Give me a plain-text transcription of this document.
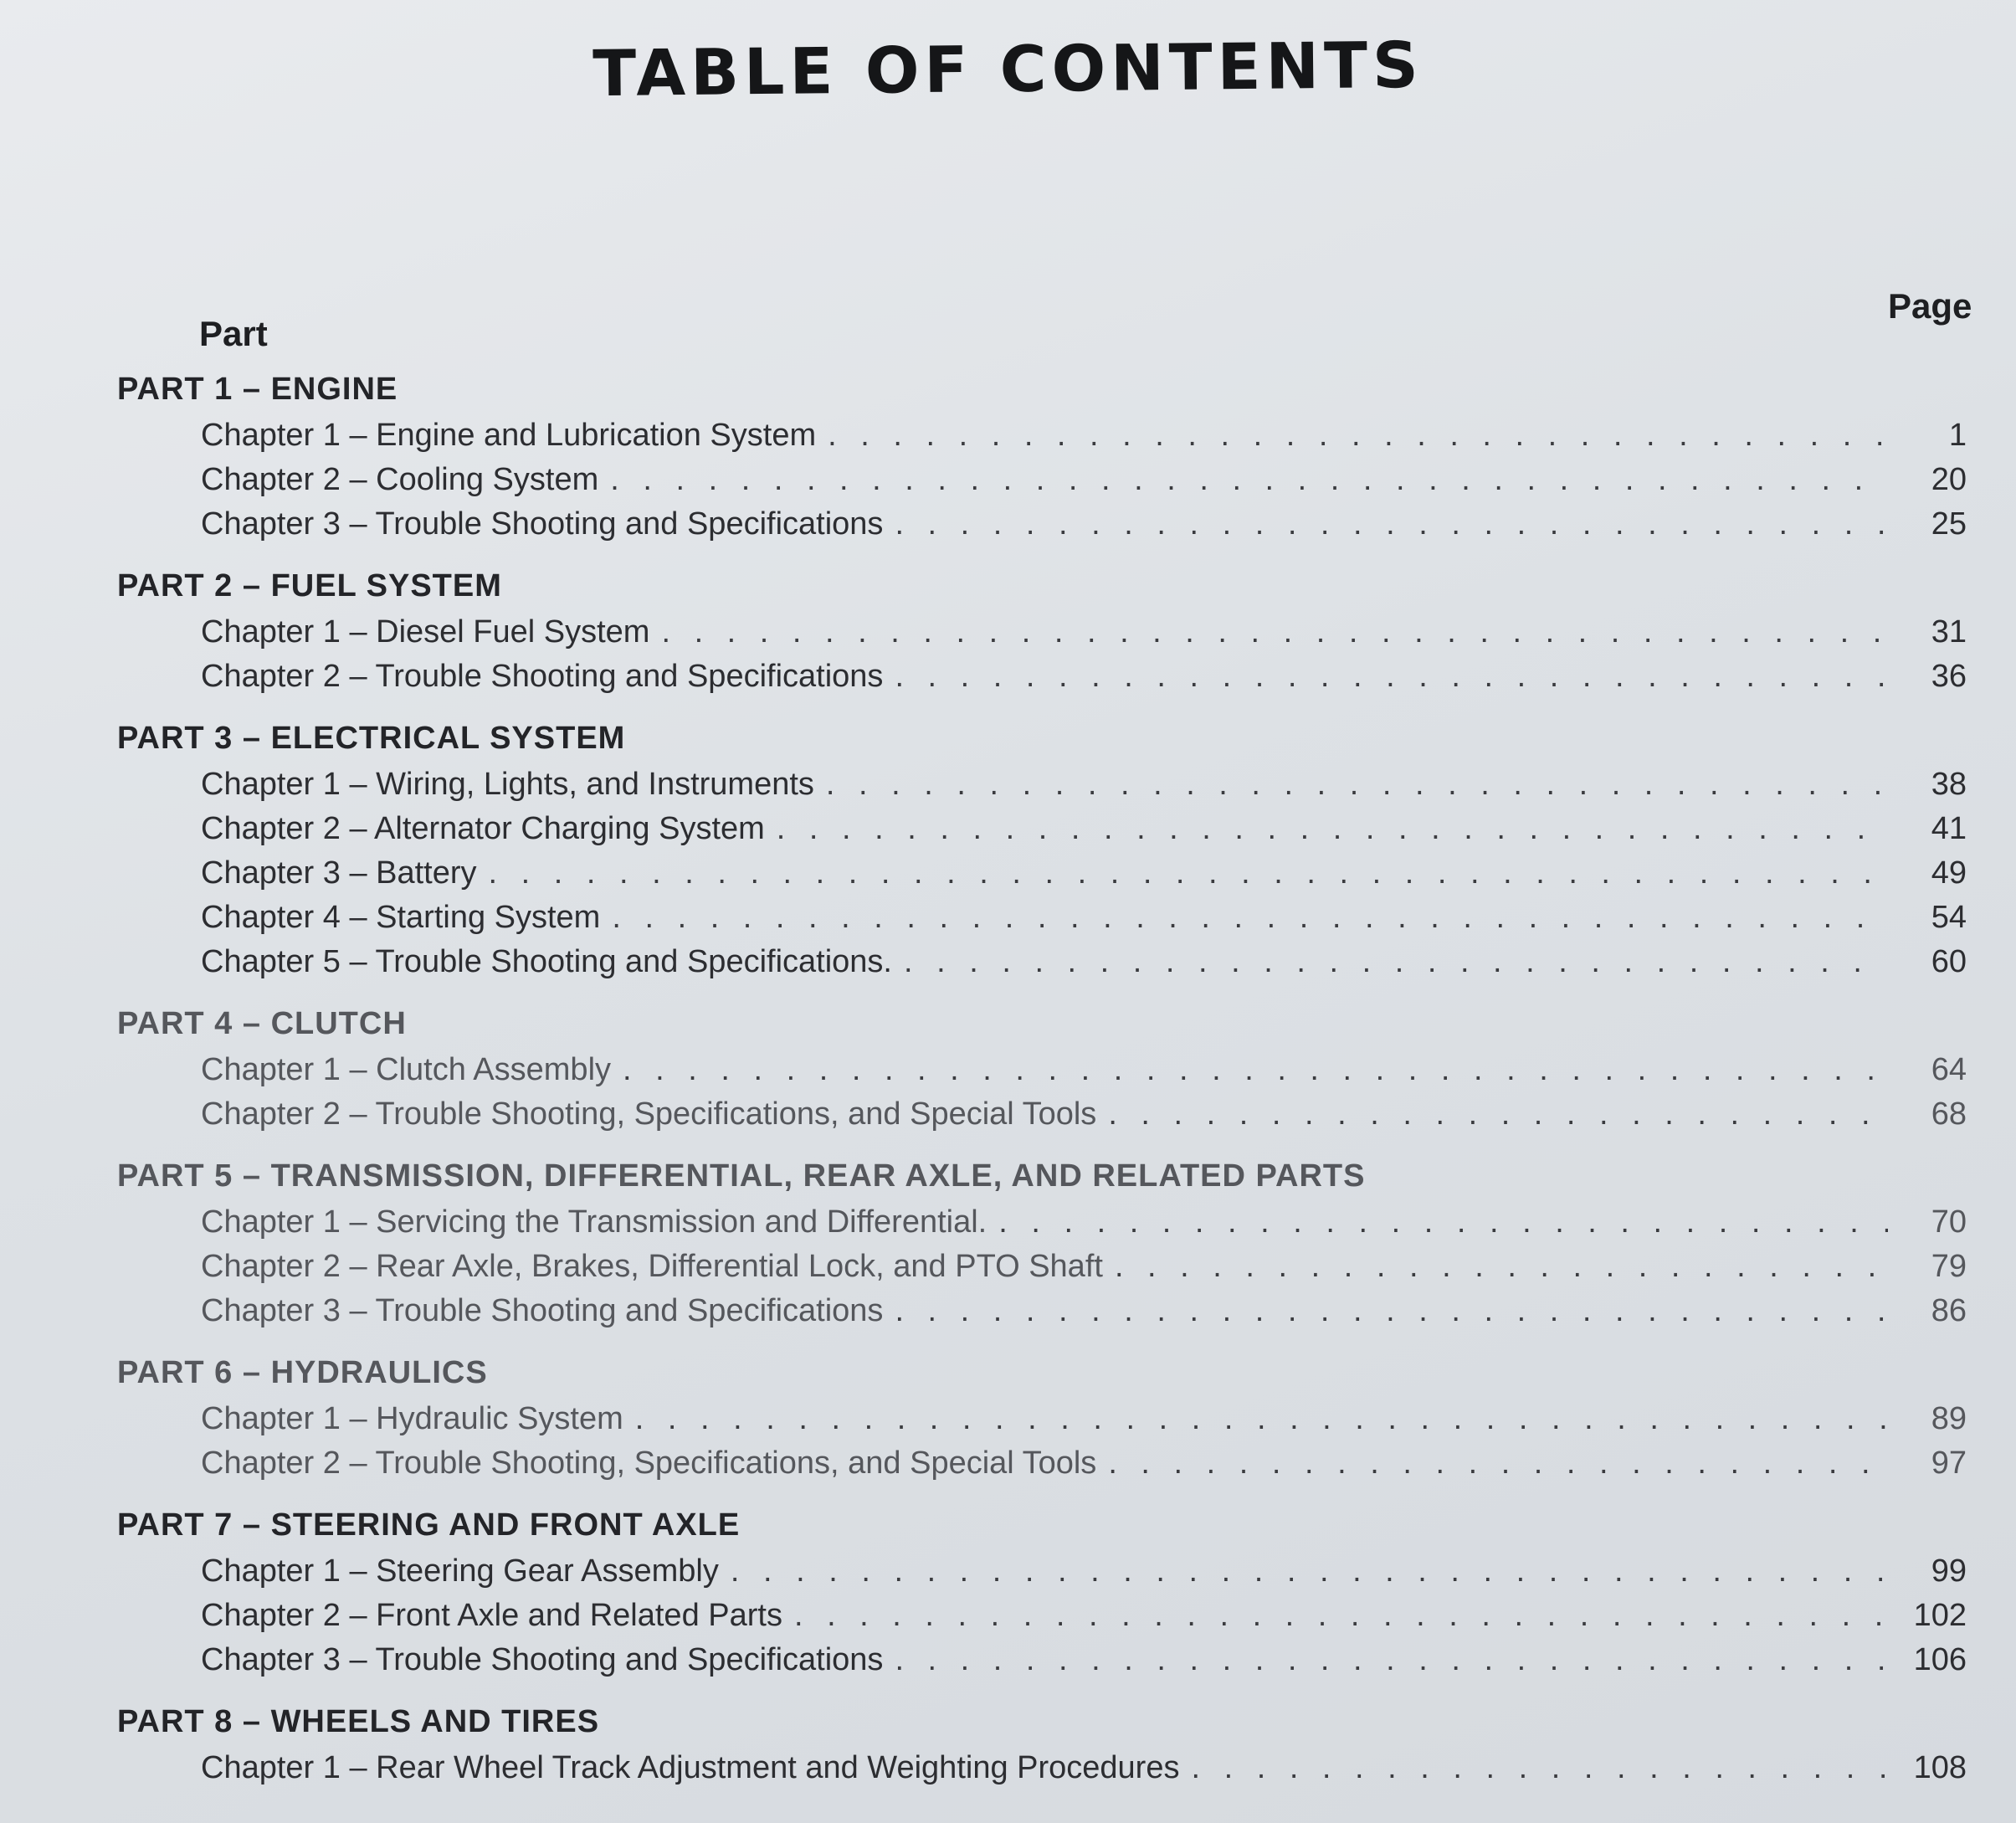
TABLE OF CONTENTS
Part
Page
PART 1 – ENGINE
Chapter 1 – Engine and Lubrication System . . .	1
Chapter 2 – Cooling System . . .	20
Chapter 3 – Trouble Shooting and Specifications . . .	25
PART 2 – FUEL SYSTEM
Chapter 1 – Diesel Fuel System . . .	31
Chapter 2 – Trouble Shooting and Specifications . . .	36
PART 3 – ELECTRICAL SYSTEM
Chapter 1 – Wiring, Lights, and Instruments . . .	38
Chapter 2 – Alternator Charging System . . .	41
Chapter 3 – Battery . . .	49
Chapter 4 – Starting System . . .	54
Chapter 5 – Trouble Shooting and Specifications. . . .	60
PART 4 – CLUTCH
Chapter 1 – Clutch Assembly . . .	64
Chapter 2 – Trouble Shooting, Specifications, and Special Tools . . .	68
PART 5 – TRANSMISSION, DIFFERENTIAL, REAR AXLE, AND RELATED PARTS
Chapter 1 – Servicing the Transmission and Differential. . . .	70
Chapter 2 – Rear Axle, Brakes, Differential Lock, and PTO Shaft . . .	79
Chapter 3 – Trouble Shooting and Specifications . . .	86
PART 6 – HYDRAULICS
Chapter 1 – Hydraulic System . . .	89
Chapter 2 – Trouble Shooting, Specifications, and Special Tools . . .	97
PART 7 – STEERING AND FRONT AXLE
Chapter 1 – Steering Gear Assembly . . .	99
Chapter 2 – Front Axle and Related Parts . . .	102
Chapter 3 – Trouble Shooting and Specifications . . .	106
PART 8 – WHEELS AND TIRES
Chapter 1 – Rear Wheel Track Adjustment and Weighting Procedures . . .	108
